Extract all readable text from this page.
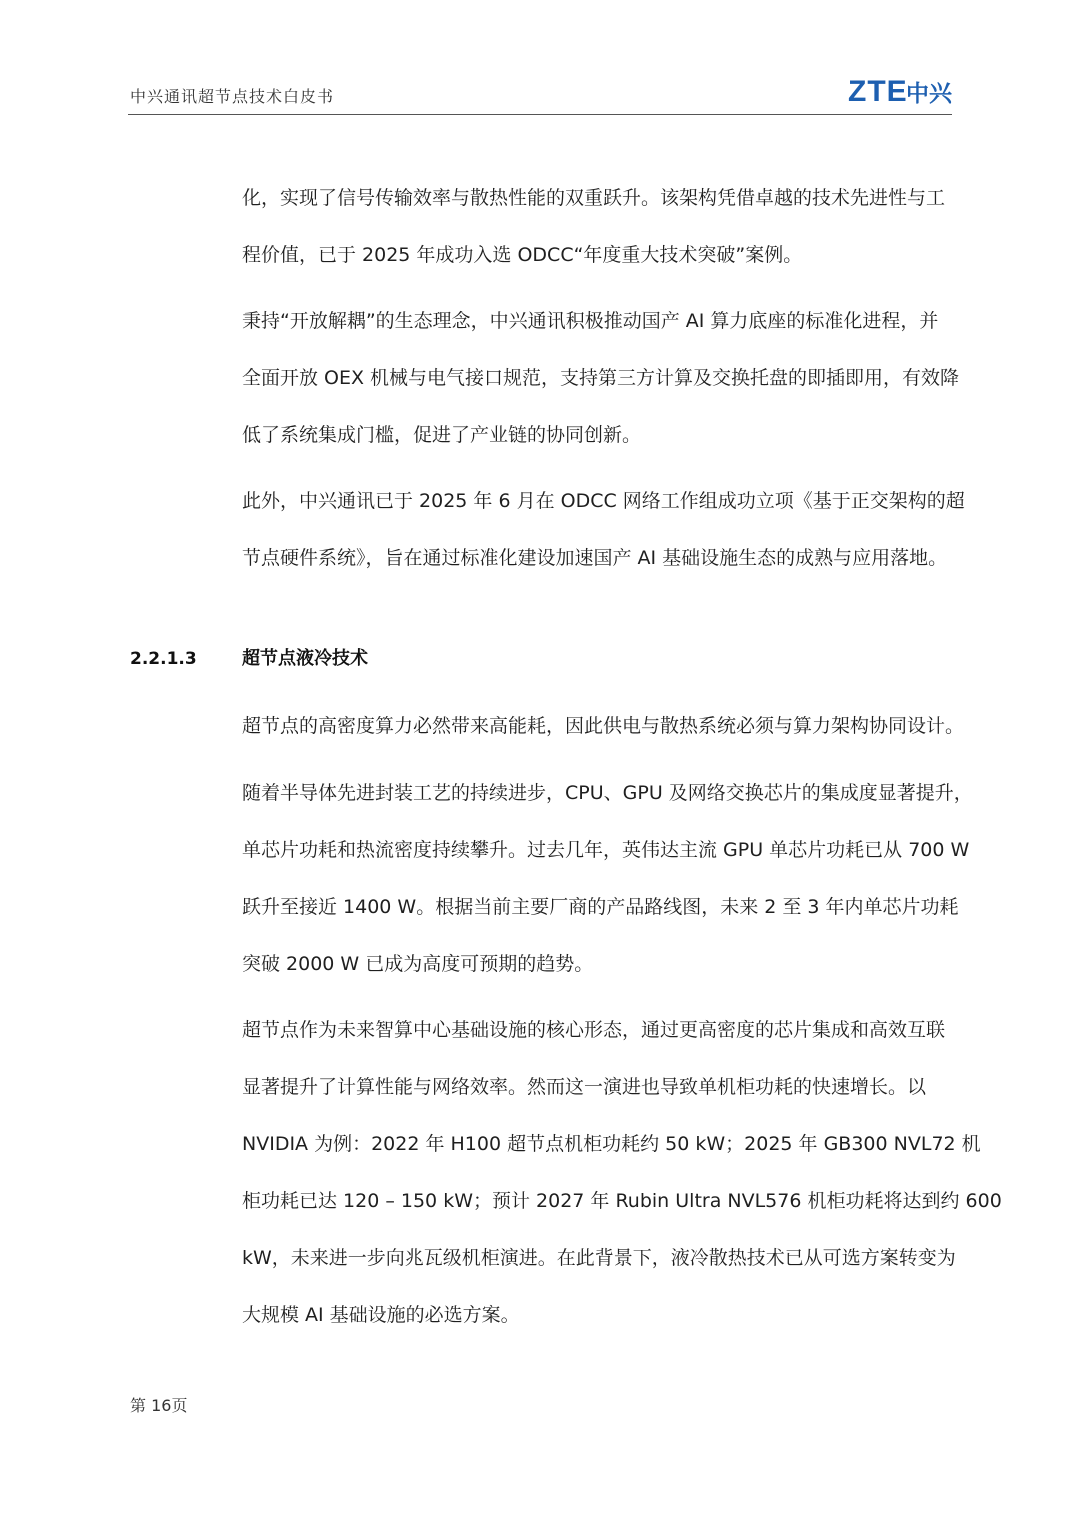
中兴通讯超节点技术白皮书	ZTE
中兴
化，实现了信号传输效率与散热性能的双重跃升。该架构凭借卓越的技术先进性与工
程价值，已于 2025 年成功入选 ODCC“年度重大技术突破”案例。
秉持“开放解耦”的生态理念，中兴通讯积极推动国产 AI 算力底座的标准化进程，并
全面开放 OEX 机械与电气接口规范，支持第三方计算及交换托盘的即插即用，有效降
低了系统集成门槛，促进了产业链的协同创新。
此外，中兴通讯已于 2025 年 6 月在 ODCC 网络工作组成功立项《基于正交架构的超
节点硬件系统》，旨在通过标准化建设加速国产 AI 基础设施生态的成熟与应用落地。
2.2.1.3	超节点液冷技术
超节点的高密度算力必然带来高能耗，因此供电与散热系统必须与算力架构协同设计。
随着半导体先进封装工艺的持续进步，CPU、GPU 及网络交换芯片的集成度显著提升，
单芯片功耗和热流密度持续攀升。过去几年，英伟达主流 GPU 单芯片功耗已从 700 W
跃升至接近 1400 W。根据当前主要厂商的产品路线图，未来 2 至 3 年内单芯片功耗
突破 2000 W 已成为高度可预期的趋势。
超节点作为未来智算中心基础设施的核心形态，通过更高密度的芯片集成和高效互联
显著提升了计算性能与网络效率。然而这一演进也导致单机柜功耗的快速增长。以
NVIDIA 为例：2022 年 H100 超节点机柜功耗约 50 kW；2025 年 GB300 NVL72 机
柜功耗已达 120 – 150 kW；预计 2027 年 Rubin Ultra NVL576 机柜功耗将达到约 600
kW，未来进一步向兆瓦级机柜演进。在此背景下，液冷散热技术已从可选方案转变为
大规模 AI 基础设施的必选方案。
第 16页
